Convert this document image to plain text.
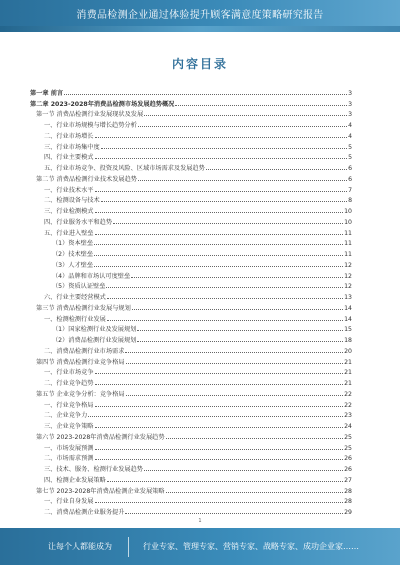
消费品检测企业通过体验提升顾客满意度策略研究报告
内容目录
第一章 前言	3
第二章 2023-2028年消费品检测市场发展趋势概况	3
第一节 消费品检测行业发展现状及发展	3
一、行业市场规模与增长趋势分析	4
二、行业市场增长	4
三、行业市场集中度	5
四、行业主要模式	5
五、行业市场竞争、投资及风险、区域市场需求及发展趋势	6
第二节 消费品检测行业技术发展趋势	6
一、行业技术水平	7
二、检测设备与技术	8
三、行业检测模式	10
四、行业服务水平和趋势	10
五、行业进入壁垒	11
（1）资本壁垒	11
（2）技术壁垒	11
（3）人才壁垒	12
（4）品牌和市场认可度壁垒	12
（5）资质认证壁垒	12
六、行业主要经营模式	13
第三节 消费品检测行业发展与规划	14
一、检测检测行业发展	14
（1）国家检测行业及发展规划	15
（2）消费品检测行业发展规划	18
二、消费品检测行业市场需求	20
第四节 消费品检测行业竞争格局	21
一、行业市场竞争	21
二、行业竞争趋势	21
第五节 企业竞争分析：竞争格局	22
一、行业竞争格局	22
二、企业竞争力	23
三、企业竞争策略	24
第六节 2023-2028年消费品检测行业发展趋势	25
一、市场发展预测	25
二、市场需求预测	26
三、技术、服务、检测行业发展趋势	26
四、检测企业发展策略	27
第七节 2023-2028年消费品检测企业发展策略	28
一、行业自身发展	28
二、消费品检测企业服务提升	29
1
让每个人都能成为	行业专家、管理专家、营销专家、战略专家、成功企业家……
